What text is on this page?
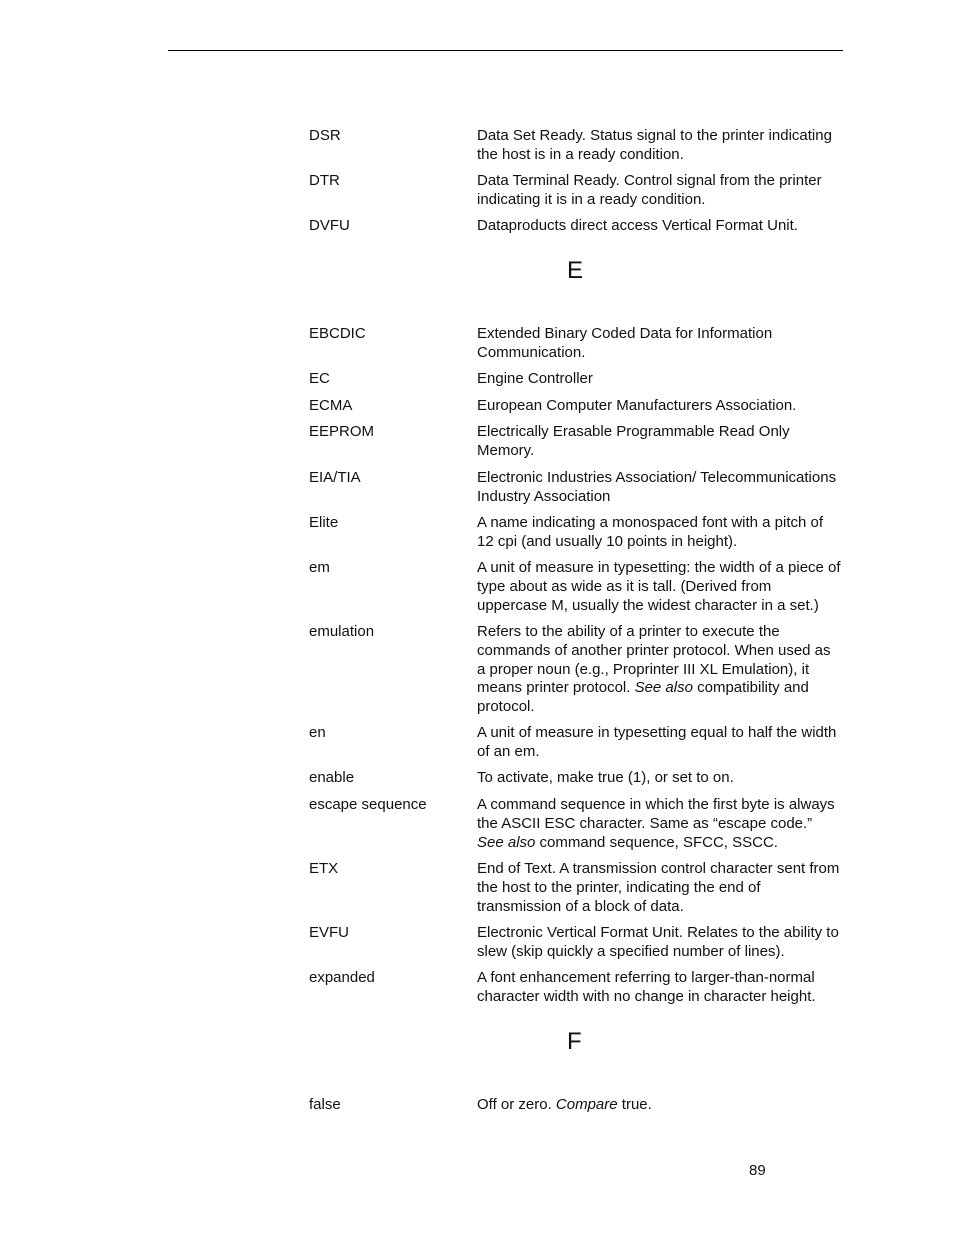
DSR	Data Set Ready. Status signal to the printer indicating the host is in a ready condition.
DTR	Data Terminal Ready. Control signal from the printer indicating it is in a ready condition.
DVFU	Dataproducts direct access Vertical Format Unit.
E
EBCDIC	Extended Binary Coded Data for Information Communication.
EC	Engine Controller
ECMA	European Computer Manufacturers Association.
EEPROM	Electrically Erasable Programmable Read Only Memory.
EIA/TIA	Electronic Industries Association/ Telecommunications Industry Association
Elite	A name indicating a monospaced font with a pitch of 12 cpi (and usually 10 points in height).
em	A unit of measure in typesetting: the width of a piece of type about as wide as it is tall. (Derived from uppercase M, usually the widest character in a set.)
emulation	Refers to the ability of a printer to execute the commands of another printer protocol. When used as a proper noun (e.g., Proprinter III XL Emulation), it means printer protocol. See also compatibility and protocol.
en	A unit of measure in typesetting equal to half the width of an em.
enable	To activate, make true (1), or set to on.
escape sequence	A command sequence in which the first byte is always the ASCII ESC character. Same as “escape code.” See also command sequence, SFCC, SSCC.
ETX	End of Text. A transmission control character sent from the host to the printer, indicating the end of transmission of a block of data.
EVFU	Electronic Vertical Format Unit. Relates to the ability to slew (skip quickly a specified number of lines).
expanded	A font enhancement referring to larger-than-normal character width with no change in character height.
F
false	Off or zero. Compare true.
89
